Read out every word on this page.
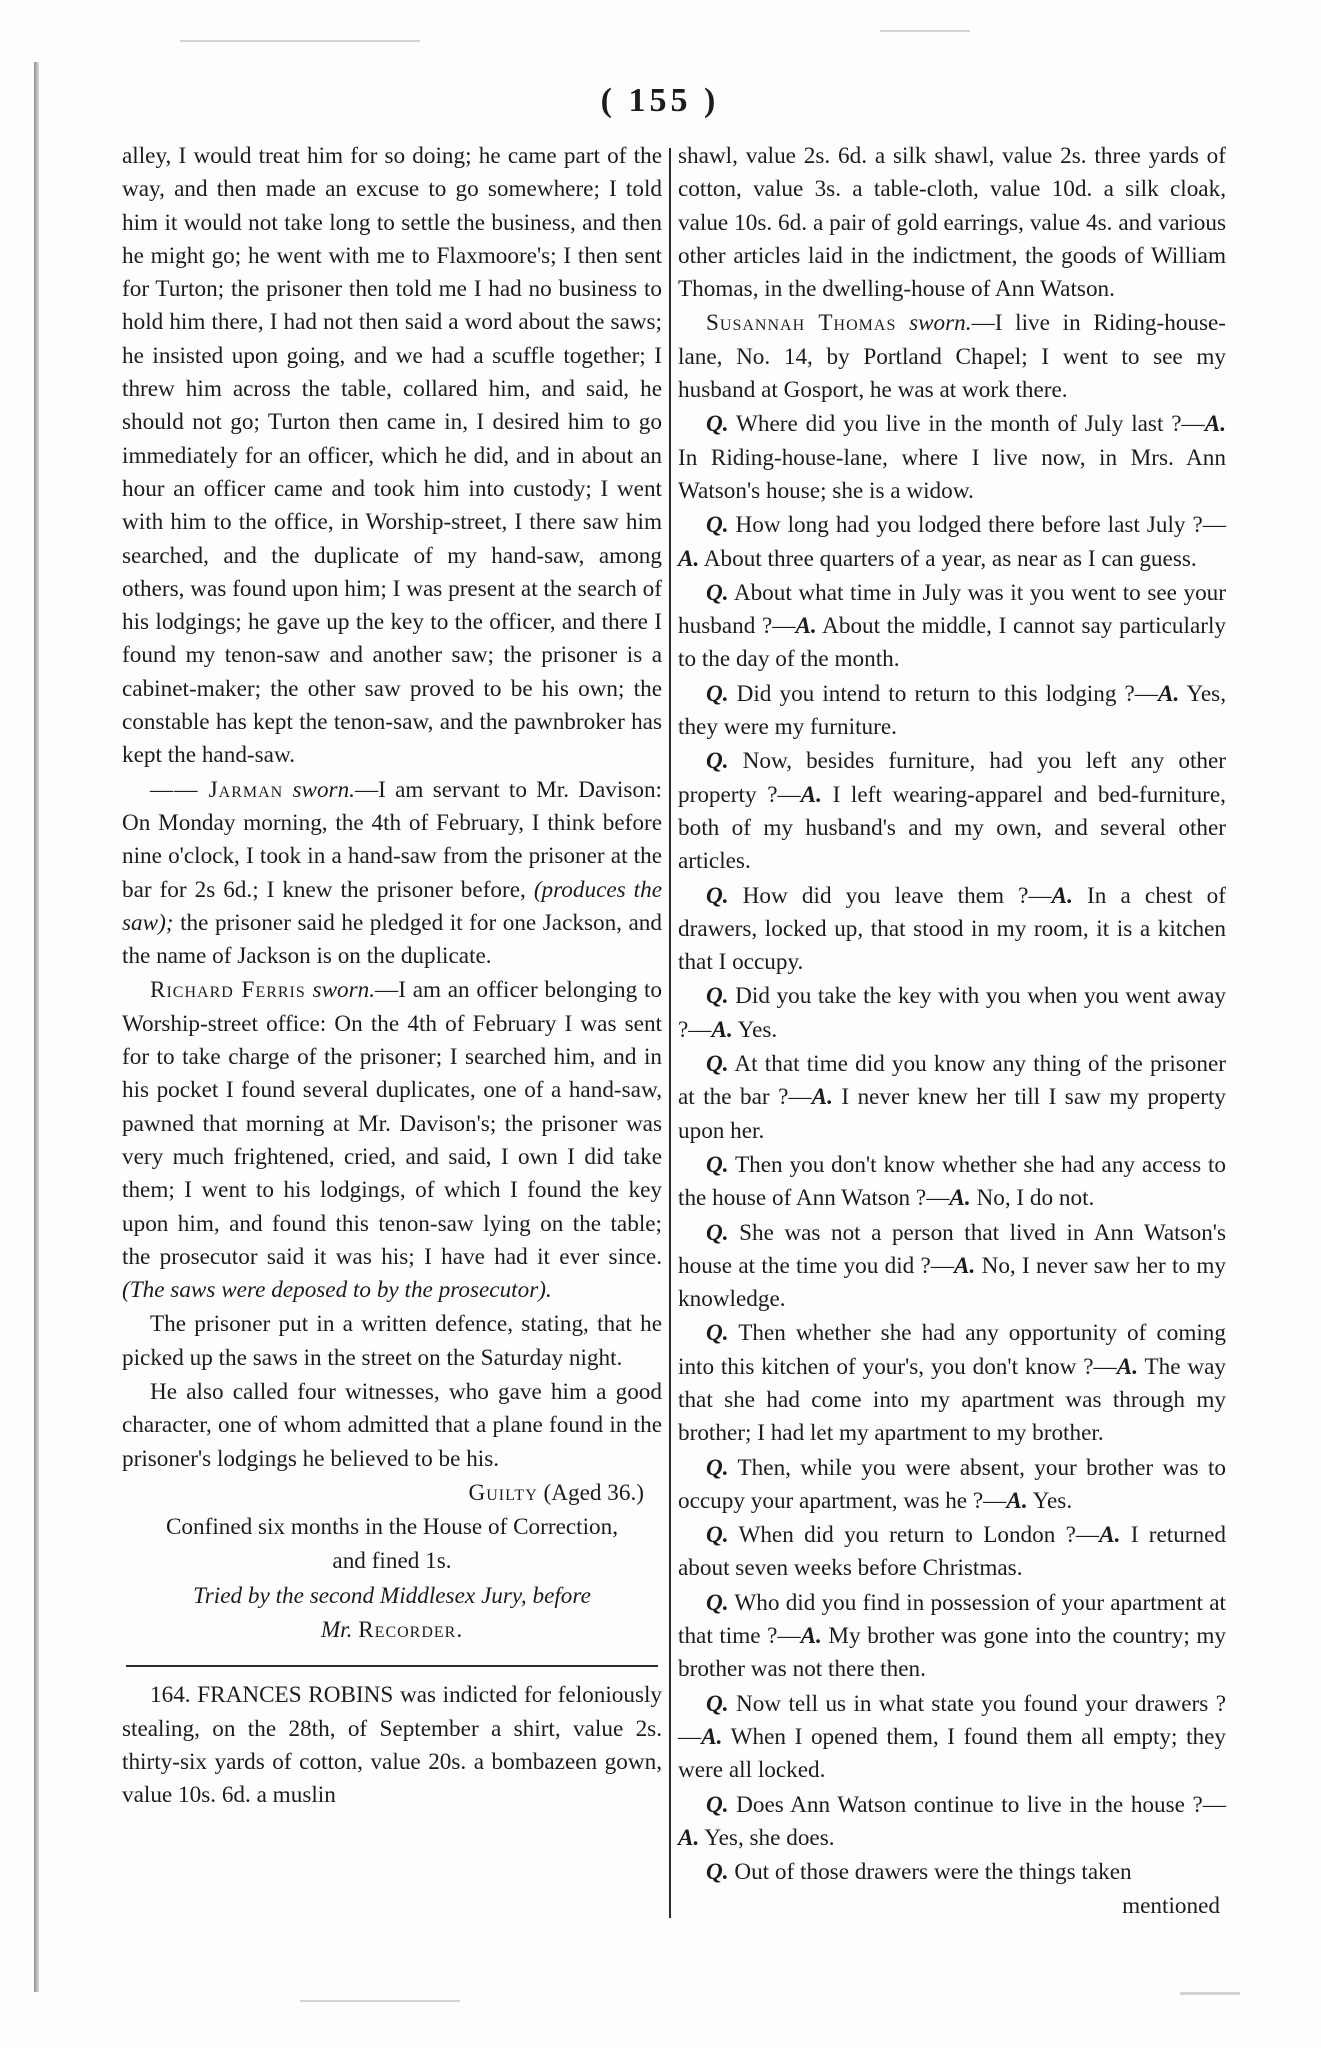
( 155 )

alley, I would treat him for so doing; he came part of the way, and then made an excuse to go somewhere; I told him it would not take long to settle the business, and then he might go; he went with me to Flaxmoore's; I then sent for Turton; the prisoner then told me I had no business to hold him there, I had not then said a word about the saws; he insisted upon going, and we had a scuffle together; I threw him across the table, collared him, and said, he should not go; Turton then came in, I desired him to go immediately for an officer, which he did, and in about an hour an officer came and took him into custody; I went with him to the office, in Worship-street, I there saw him searched, and the duplicate of my hand-saw, among others, was found upon him; I was present at the search of his lodgings; he gave up the key to the officer, and there I found my tenon-saw and another saw; the prisoner is a cabinet-maker; the other saw proved to be his own; the constable has kept the tenon-saw, and the pawnbroker has kept the hand-saw.

—— Jarman sworn.—I am servant to Mr. Davison: On Monday morning, the 4th of February, I think before nine o'clock, I took in a hand-saw from the prisoner at the bar for 2s 6d.; I knew the prisoner before, (produces the saw); the prisoner said he pledged it for one Jackson, and the name of Jackson is on the duplicate.

Richard Ferris sworn.—I am an officer belonging to Worship-street office: On the 4th of February I was sent for to take charge of the prisoner; I searched him, and in his pocket I found several duplicates, one of a hand-saw, pawned that morning at Mr. Davison's; the prisoner was very much frightened, cried, and said, I own I did take them; I went to his lodgings, of which I found the key upon him, and found this tenon-saw lying on the table; the prosecutor said it was his; I have had it ever since. (The saws were deposed to by the prosecutor).

The prisoner put in a written defence, stating, that he picked up the saws in the street on the Saturday night.

He also called four witnesses, who gave him a good character, one of whom admitted that a plane found in the prisoner's lodgings he believed to be his.

Guilty (Aged 36.)

Confined six months in the House of Correction,

and fined 1s.

Tried by the second Middlesex Jury, before

Mr. Recorder.

164. FRANCES ROBINS was indicted for feloniously stealing, on the 28th, of September a shirt, value 2s. thirty-six yards of cotton, value 20s. a bombazeen gown, value 10s. 6d. a muslin

shawl, value 2s. 6d. a silk shawl, value 2s. three yards of cotton, value 3s. a table-cloth, value 10d. a silk cloak, value 10s. 6d. a pair of gold earrings, value 4s. and various other articles laid in the indictment, the goods of William Thomas, in the dwelling-house of Ann Watson.

Susannah Thomas sworn.—I live in Riding-house-lane, No. 14, by Portland Chapel; I went to see my husband at Gosport, he was at work there.

Q. Where did you live in the month of July last ?—A. In Riding-house-lane, where I live now, in Mrs. Ann Watson's house; she is a widow.

Q. How long had you lodged there before last July ?—A. About three quarters of a year, as near as I can guess.

Q. About what time in July was it you went to see your husband ?—A. About the middle, I cannot say particularly to the day of the month.

Q. Did you intend to return to this lodging ?—A. Yes, they were my furniture.

Q. Now, besides furniture, had you left any other property ?—A. I left wearing-apparel and bed-furniture, both of my husband's and my own, and several other articles.

Q. How did you leave them ?—A. In a chest of drawers, locked up, that stood in my room, it is a kitchen that I occupy.

Q. Did you take the key with you when you went away ?—A. Yes.

Q. At that time did you know any thing of the prisoner at the bar ?—A. I never knew her till I saw my property upon her.

Q. Then you don't know whether she had any access to the house of Ann Watson ?—A. No, I do not.

Q. She was not a person that lived in Ann Watson's house at the time you did ?—A. No, I never saw her to my knowledge.

Q. Then whether she had any opportunity of coming into this kitchen of your's, you don't know ?—A. The way that she had come into my apartment was through my brother; I had let my apartment to my brother.

Q. Then, while you were absent, your brother was to occupy your apartment, was he ?—A. Yes.

Q. When did you return to London ?—A. I returned about seven weeks before Christmas.

Q. Who did you find in possession of your apartment at that time ?—A. My brother was gone into the country; my brother was not there then.

Q. Now tell us in what state you found your drawers ?—A. When I opened them, I found them all empty; they were all locked.

Q. Does Ann Watson continue to live in the house ?—A. Yes, she does.

Q. Out of those drawers were the things taken

mentioned
